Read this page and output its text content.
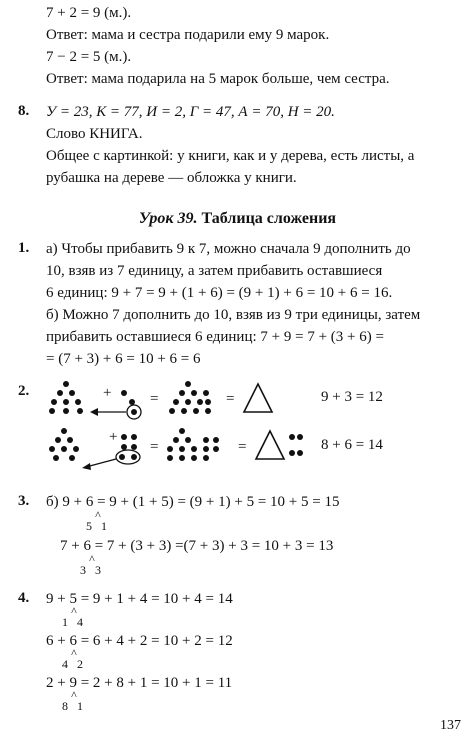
7 + 2 = 9 (м.).
Ответ: мама и сестра подарили ему 9 марок.
7 − 2 = 5 (м.).
Ответ: мама подарила на 5 марок больше, чем сестра.
8. У = 23, К = 77, И = 2, Г = 47, А = 70, Н = 20.
Слово КНИГА.
Общее с картинкой: у книги, как и у дерева, есть листы, а
рубашка на дереве — обложка у книги.
Урок 39. Таблица сложения
1. а) Чтобы прибавить 9 к 7, можно сначала 9 дополнить до
10, взяв из 7 единицу, а затем прибавить оставшиеся
6 единиц: 9 + 7 = 9 + (1 + 6) = (9 + 1) + 6 = 10 + 6 = 16.
б) Можно 7 дополнить до 10, взяв из 9 три единицы, затем
прибавить оставшиеся 6 единиц: 7 + 9 = 7 + (3 + 6) =
= (7 + 3) + 6 = 10 + 6 = 6
2.	+	=	=	9 + 3 = 12
+
=	=	8 + 6 = 14
3. б) 9 + 6 = 9 + (1 + 5) = (9 + 1) + 5 = 10 + 5 = 15
^
5 1
7 + 6 = 7 + (3 + 3) =(7 + 3) + 3 = 10 + 3 = 13
^
3 3
4. 9 + 5 = 9 + 1 + 4 = 10 + 4 = 14
^
1 4
6 + 6 = 6 + 4 + 2 = 10 + 2 = 12
^
4 2
2 + 9 = 2 + 8 + 1 = 10 + 1 = 11
^
8 1
137
